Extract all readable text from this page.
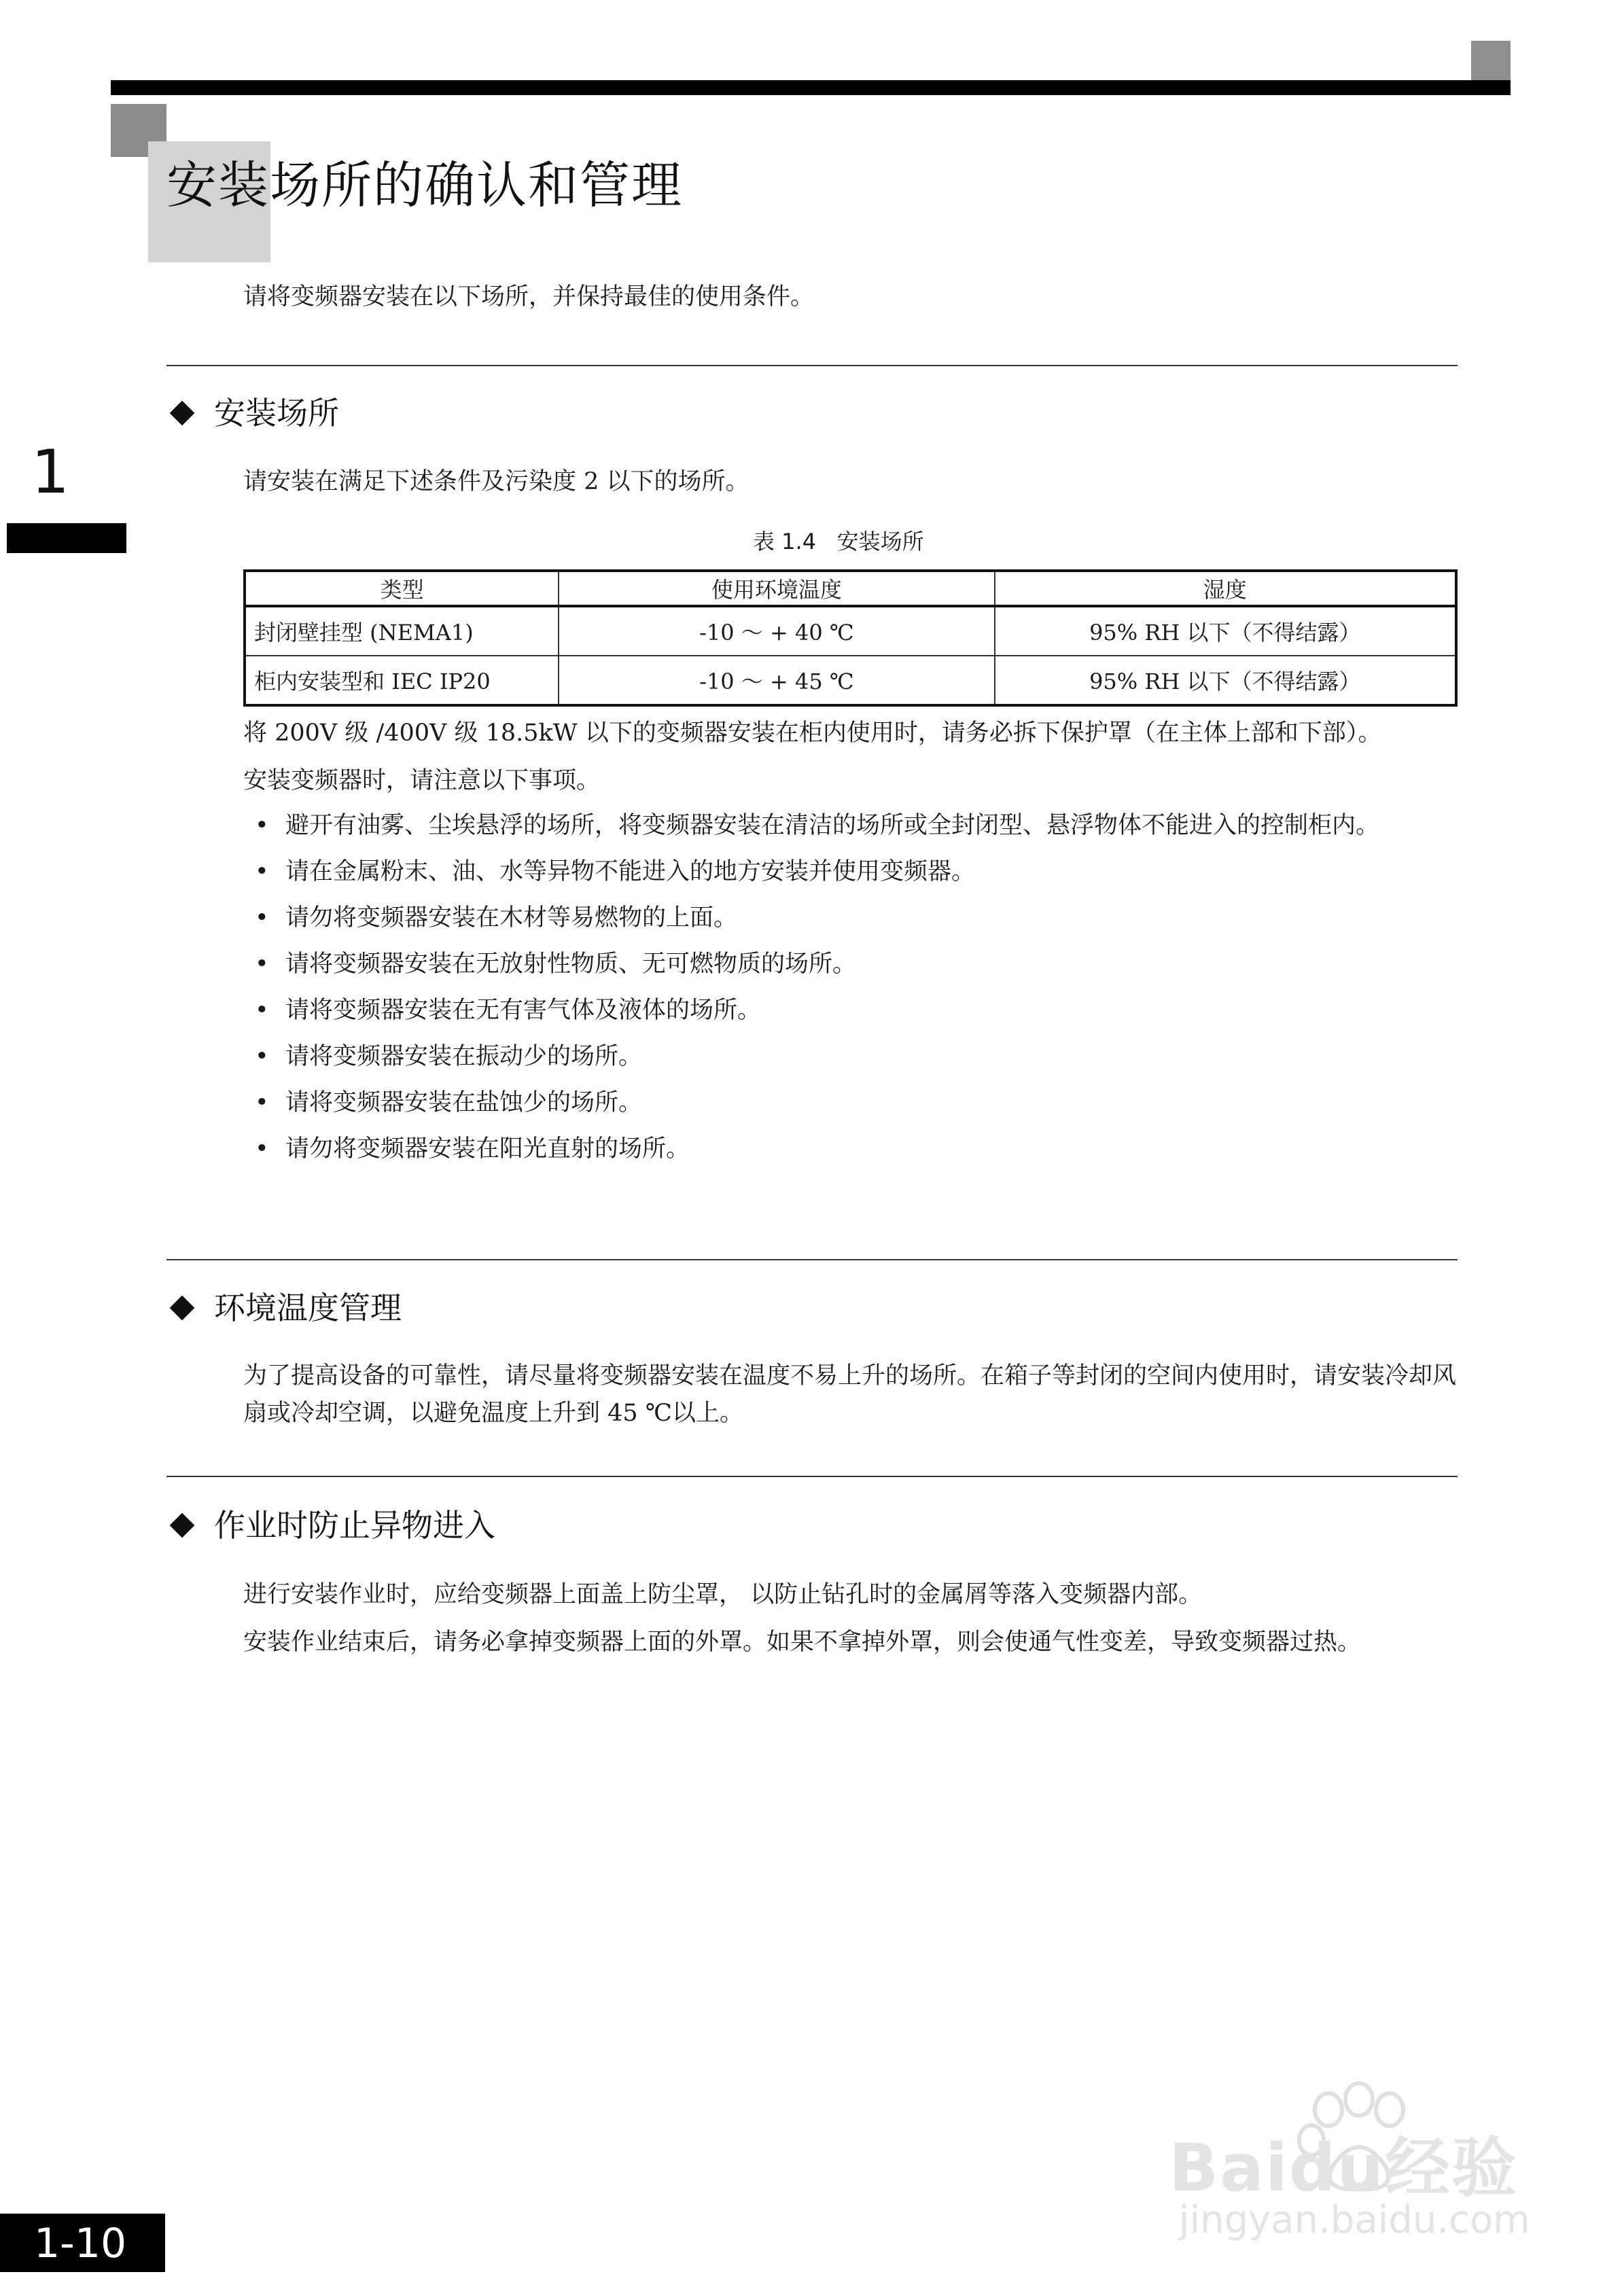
安装场所的确认和管理
1
请将变频器安装在以下场所，并保持最佳的使用条件。
安装场所
请安装在满足下述条件及污染度 2 以下的场所。
表 1.4   安装场所
类型	使用环境温度	湿度
封闭壁挂型 (NEMA1)	-10 ～ + 40 ℃	95% RH 以下（不得结露）
柜内安装型和 IEC IP20	-10 ～ + 45 ℃	95% RH 以下（不得结露）
将 200V 级 /400V 级 18.5kW 以下的变频器安装在柜内使用时，请务必拆下保护罩（在主体上部和下部）。
安装变频器时，请注意以下事项。
• 避开有油雾、尘埃悬浮的场所，将变频器安装在清洁的场所或全封闭型、悬浮物体不能进入的控制柜内。
• 请在金属粉末、油、水等异物不能进入的地方安装并使用变频器。
• 请勿将变频器安装在木材等易燃物的上面。
• 请将变频器安装在无放射性物质、无可燃物质的场所。
• 请将变频器安装在无有害气体及液体的场所。
• 请将变频器安装在振动少的场所。
• 请将变频器安装在盐蚀少的场所。
• 请勿将变频器安装在阳光直射的场所。
环境温度管理
为了提高设备的可靠性，请尽量将变频器安装在温度不易上升的场所。在箱子等封闭的空间内使用时，请安装冷却风扇或冷却空调，以避免温度上升到 45 ℃以上。
作业时防止异物进入
进行安装作业时，应给变频器上面盖上防尘罩， 以防止钻孔时的金属屑等落入变频器内部。
安装作业结束后，请务必拿掉变频器上面的外罩。如果不拿掉外罩，则会使通气性变差，导致变频器过热。
Baidu经验
jingyan.baidu.com
1-10
